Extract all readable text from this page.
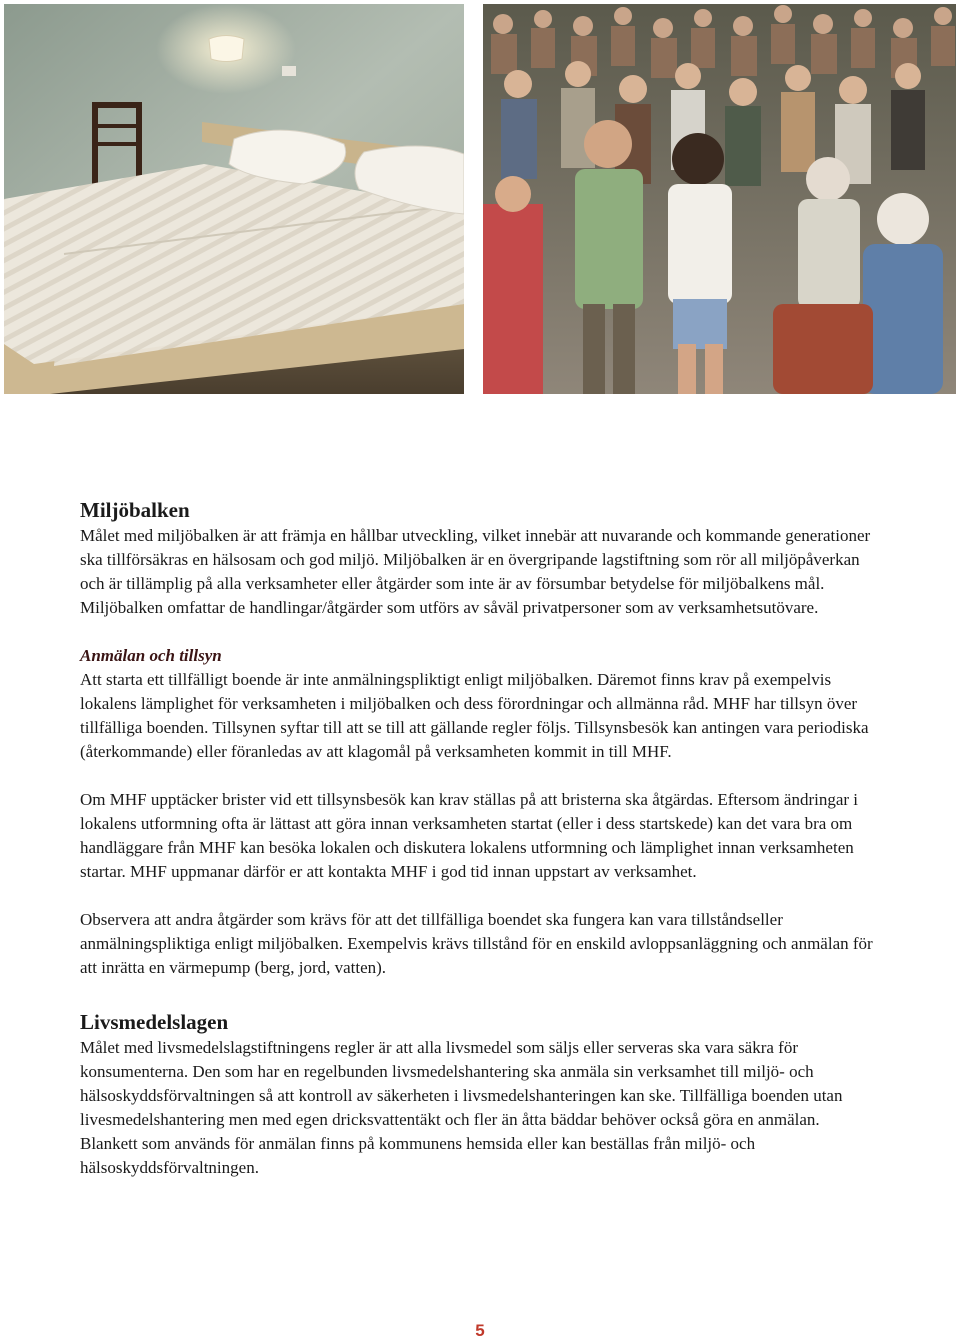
Miljöbalken

Målet med miljöbalken är att främja en hållbar utveckling, vilket innebär att nuvarande och kommande generationer ska tillförsäkras en hälsosam och god miljö. Miljöbalken är en övergripande lagstiftning som rör all miljöpåverkan och är tillämplig på alla verksamheter eller åtgärder som inte är av försumbar betydelse för miljöbalkens mål. Miljöbalken omfattar de handlingar/åtgärder som utförs av såväl privatpersoner som av verksamhetsutövare.

Anmälan och tillsyn

Att starta ett tillfälligt boende är inte anmälningspliktigt enligt miljöbalken. Däremot finns krav på exempelvis lokalens lämplighet för verksamheten i miljöbalken och dess förordningar och allmänna råd. MHF har tillsyn över tillfälliga boenden. Tillsynen syftar till att se till att gällande regler följs. Tillsynsbesök kan antingen vara periodiska (återkommande) eller föranledas av att klagomål på verksamheten kommit in till MHF.

Om MHF upptäcker brister vid ett tillsynsbesök kan krav ställas på att bristerna ska åtgärdas. Eftersom ändringar i lokalens utformning ofta är lättast att göra innan verksamheten startat (eller i dess startskede) kan det vara bra om handläggare från MHF kan besöka lokalen och diskutera lokalens utformning och lämplighet innan verksamheten startar. MHF uppmanar därför er att kontakta MHF i god tid innan uppstart av verksamhet.

Observera att andra åtgärder som krävs för att det tillfälliga boendet ska fungera kan vara tillståndseller anmälningspliktiga enligt miljöbalken. Exempelvis krävs tillstånd för en enskild avloppsanläggning och anmälan för att inrätta en värmepump (berg, jord, vatten).

Livsmedelslagen

Målet med livsmedelslagstiftningens regler är att alla livsmedel som säljs eller serveras ska vara säkra för konsumenterna. Den som har en regelbunden livsmedelshantering ska anmäla sin verksamhet till miljö- och hälsoskyddsförvaltningen så att kontroll av säkerheten i livsmedelshanteringen kan ske. Tillfälliga boenden utan livesmedelshantering men med egen dricksvattentäkt och fler än åtta bäddar behöver också göra en anmälan. Blankett som används för anmälan finns på kommunens hemsida eller kan beställas från miljö- och hälsoskyddsförvaltningen.

5
